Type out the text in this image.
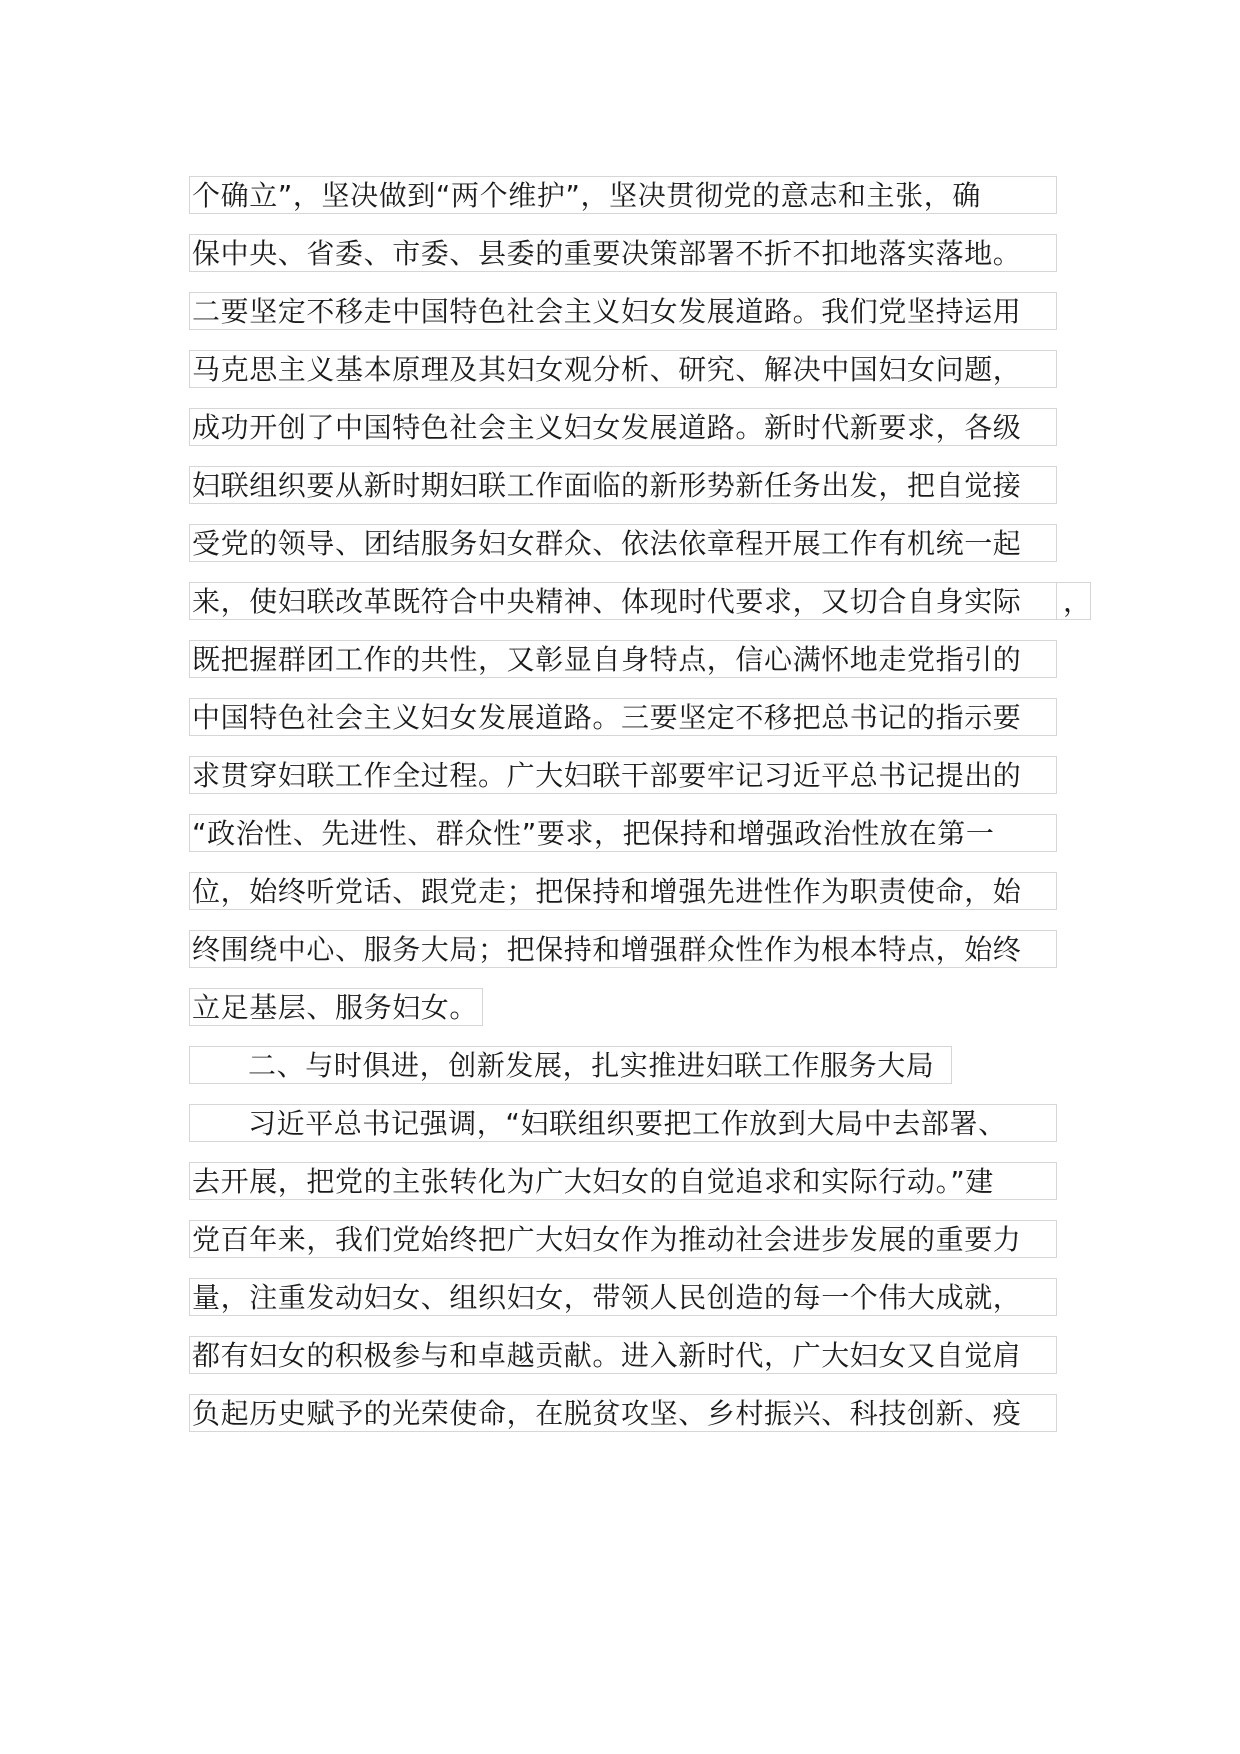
个确立”，坚决做到“两个维护”，坚决贯彻党的意志和主张，确
保中央、省委、市委、县委的重要决策部署不折不扣地落实落地。
二要坚定不移走中国特色社会主义妇女发展道路。我们党坚持运用
马克思主义基本原理及其妇女观分析、研究、解决中国妇女问题，
成功开创了中国特色社会主义妇女发展道路。新时代新要求，各级
妇联组织要从新时期妇联工作面临的新形势新任务出发，把自觉接
受党的领导、团结服务妇女群众、依法依章程开展工作有机统一起
来，使妇联改革既符合中央精神、体现时代要求，又切合自身实际	，
既把握群团工作的共性，又彰显自身特点，信心满怀地走党指引的
中国特色社会主义妇女发展道路。三要坚定不移把总书记的指示要
求贯穿妇联工作全过程。广大妇联干部要牢记习近平总书记提出的
“政治性、先进性、群众性”要求，把保持和增强政治性放在第一
位，始终听党话、跟党走；把保持和增强先进性作为职责使命，始
终围绕中心、服务大局；把保持和增强群众性作为根本特点，始终
立足基层、服务妇女。
二、与时俱进，创新发展，扎实推进妇联工作服务大局
习近平总书记强调，“妇联组织要把工作放到大局中去部署、
去开展，把党的主张转化为广大妇女的自觉追求和实际行动。”建
党百年来，我们党始终把广大妇女作为推动社会进步发展的重要力
量，注重发动妇女、组织妇女，带领人民创造的每一个伟大成就，
都有妇女的积极参与和卓越贡献。进入新时代，广大妇女又自觉肩
负起历史赋予的光荣使命，在脱贫攻坚、乡村振兴、科技创新、疫
